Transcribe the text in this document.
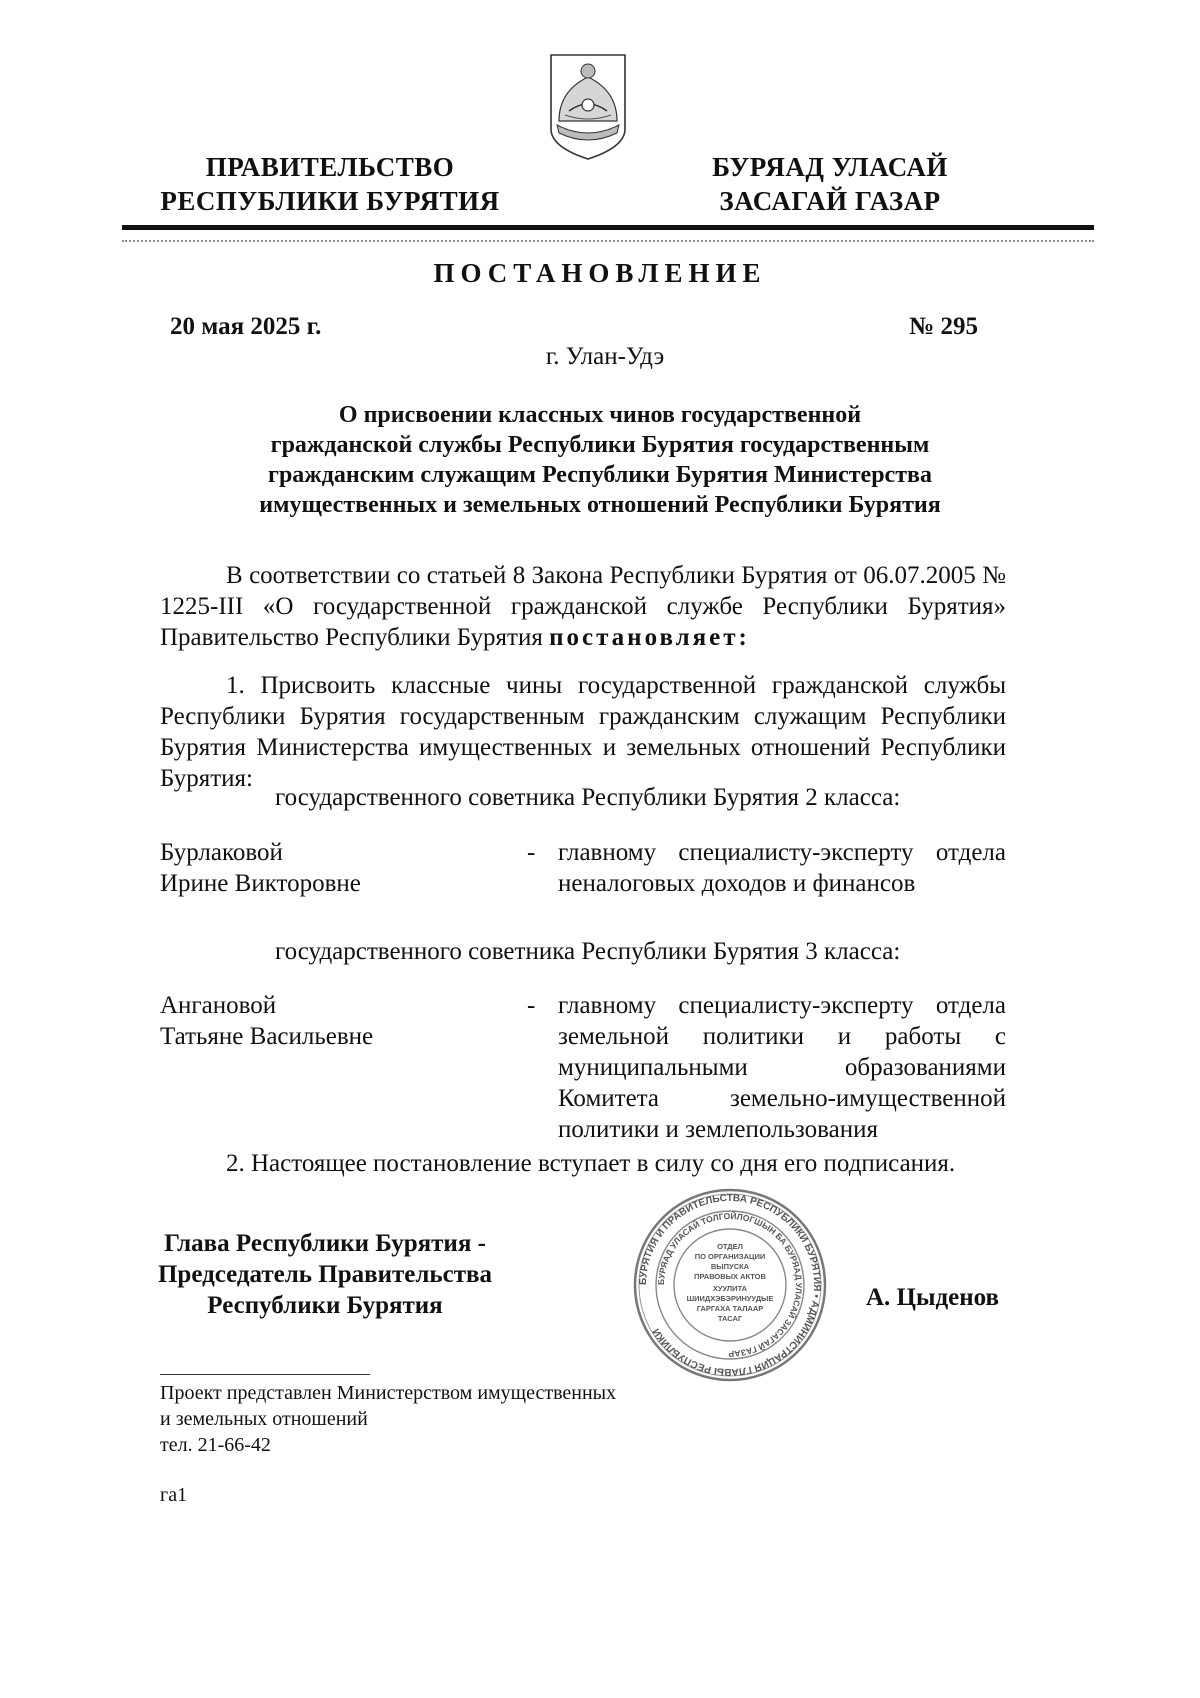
ПРАВИТЕЛЬСТВО
РЕСПУБЛИКИ БУРЯТИЯ
БУРЯАД УЛАСАЙ
ЗАСАГАЙ ГАЗАР
ПОСТАНОВЛЕНИЕ
20 мая 2025 г.	№ 295
г. Улан-Удэ
О присвоении классных чинов государственной
гражданской службы Республики Бурятия государственным
гражданским служащим Республики Бурятия Министерства
имущественных и земельных отношений Республики Бурятия
В соответствии со статьей 8 Закона Республики Бурятия от 06.07.2005 № 1225-III «О государственной гражданской службе Республики Бурятия» Правительство Республики Бурятия постановляет:
1. Присвоить классные чины государственной гражданской службы Республики Бурятия государственным гражданским служащим Республики Бурятия Министерства имущественных и земельных отношений Республики Бурятия:
государственного советника Республики Бурятия 2 класса:
Бурлаковой
Ирине Викторовне
- главному специалисту-эксперту отдела неналоговых доходов и финансов
государственного советника Республики Бурятия 3 класса:
Ангановой
Татьяне Васильевне
- главному специалисту-эксперту отдела земельной политики и работы с муниципальными образованиями Комитета земельно-имущественной политики и землепользования
2. Настоящее постановление вступает в силу со дня его подписания.
Глава Республики Бурятия -
Председатель Правительства
Республики Бурятия	А. Цыденов
БУРЯТИЯ И ПРАВИТЕЛЬСТВА РЕСПУБЛИКИ БУРЯТИЯ • АДМИНИСТРАЦИЯ ГЛАВЫ РЕСПУБЛИКИ
БУРЯАД УЛАСАЙ ТОЛГОЙЛОГШЫН БА БУРЯАД УЛАСАЙ ЗАСАГАЙ ГАЗАР
ОТДЕЛ
ПО ОРГАНИЗАЦИИ
ВЫПУСКА
ПРАВОВЫХ АКТОВ
ХУУЛИТА
ШИИДХЭБЭРИНУУДЫЕ
ГАРГАХА ТАЛААР
ТАСАГ
Проект представлен Министерством имущественных
и земельных отношений
тел. 21-66-42
га1
